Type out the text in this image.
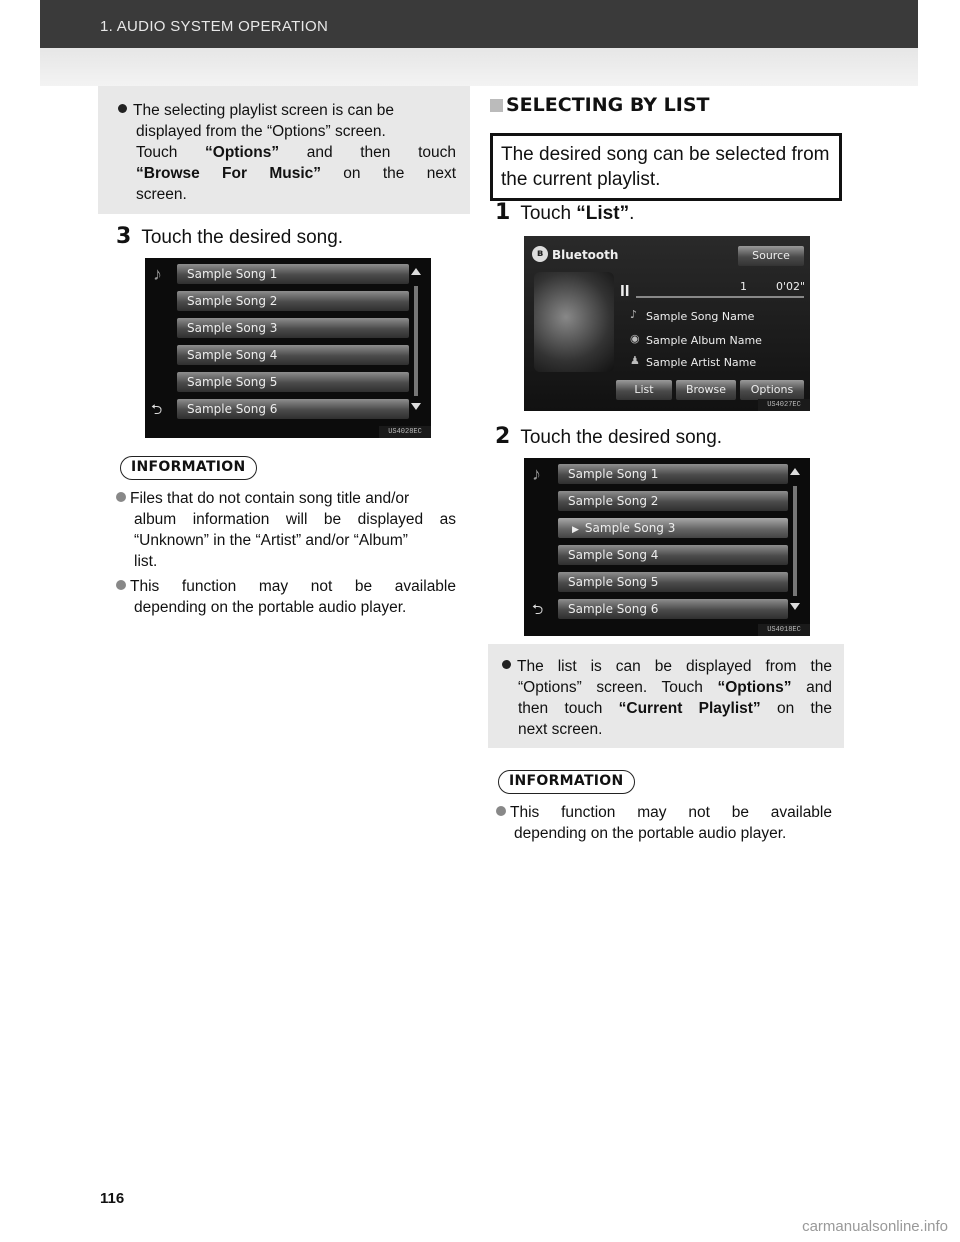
1. AUDIO SYSTEM OPERATION
The selecting playlist screen is can be
displayed from the “Options” screen.
Touch “Options” and then touch
“Browse For Music” on the next
screen.
3 Touch the desired song.
♪	Sample Song 1
Sample Song 2
Sample Song 3
Sample Song 4
Sample Song 5
Sample Song 6
⮌
US4028EC
INFORMATION
Files that do not contain song title and/or
album information will be displayed as
“Unknown” in the “Artist” and/or “Album”
list.
This function may not be available
depending on the portable audio player.
SELECTING BY LIST
The desired song can be selected from
the current playlist.
1 Touch “List”.
ʙ Bluetooth	Source
ll	1	0'02"
♪ Sample Song Name
◉ Sample Album Name
♟ Sample Artist Name
List	Browse	Options
US4027EC
2 Touch the desired song.
♪	Sample Song 1
Sample Song 2
▶ Sample Song 3
Sample Song 4
Sample Song 5
Sample Song 6
⮌
US4018EC
The list is can be displayed from the
“Options” screen. Touch “Options” and
then touch “Current Playlist” on the
next screen.
INFORMATION
This function may not be available
depending on the portable audio player.
116
carmanualsonline.info
